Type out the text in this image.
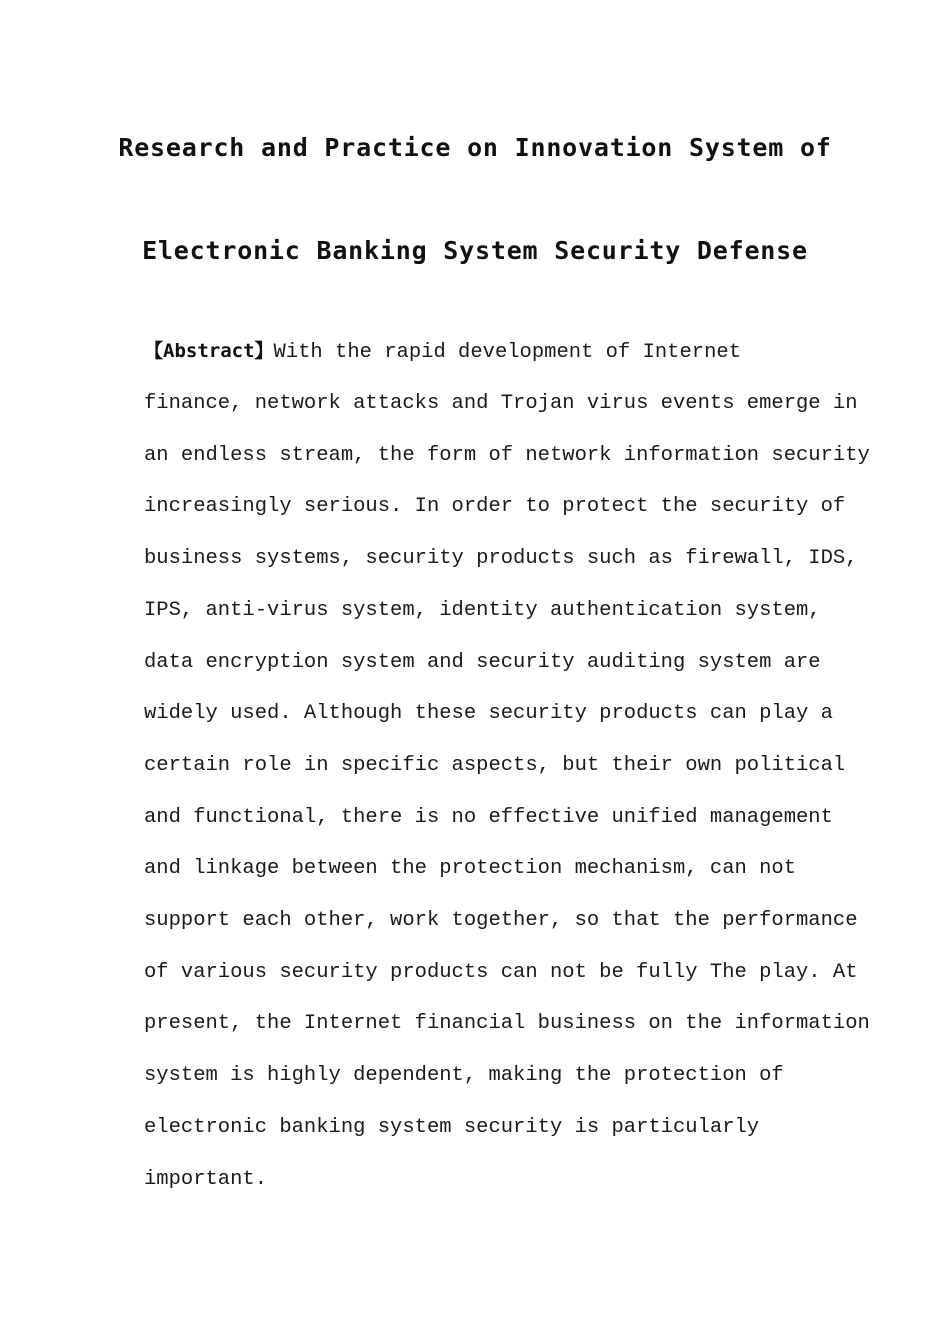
Research and Practice on Innovation System of
Electronic Banking System Security Defense
【Abstract】With the rapid development of Internet
finance, network attacks and Trojan virus events emerge in
an endless stream, the form of network information security
increasingly serious. In order to protect the security of
business systems, security products such as firewall, IDS,
IPS, anti-virus system, identity authentication system,
data encryption system and security auditing system are
widely used. Although these security products can play a
certain role in specific aspects, but their own political
and functional, there is no effective unified management
and linkage between the protection mechanism, can not
support each other, work together, so that the performance
of various security products can not be fully The play. At
present, the Internet financial business on the information
system is highly dependent, making the protection of
electronic banking system security is particularly
important.
